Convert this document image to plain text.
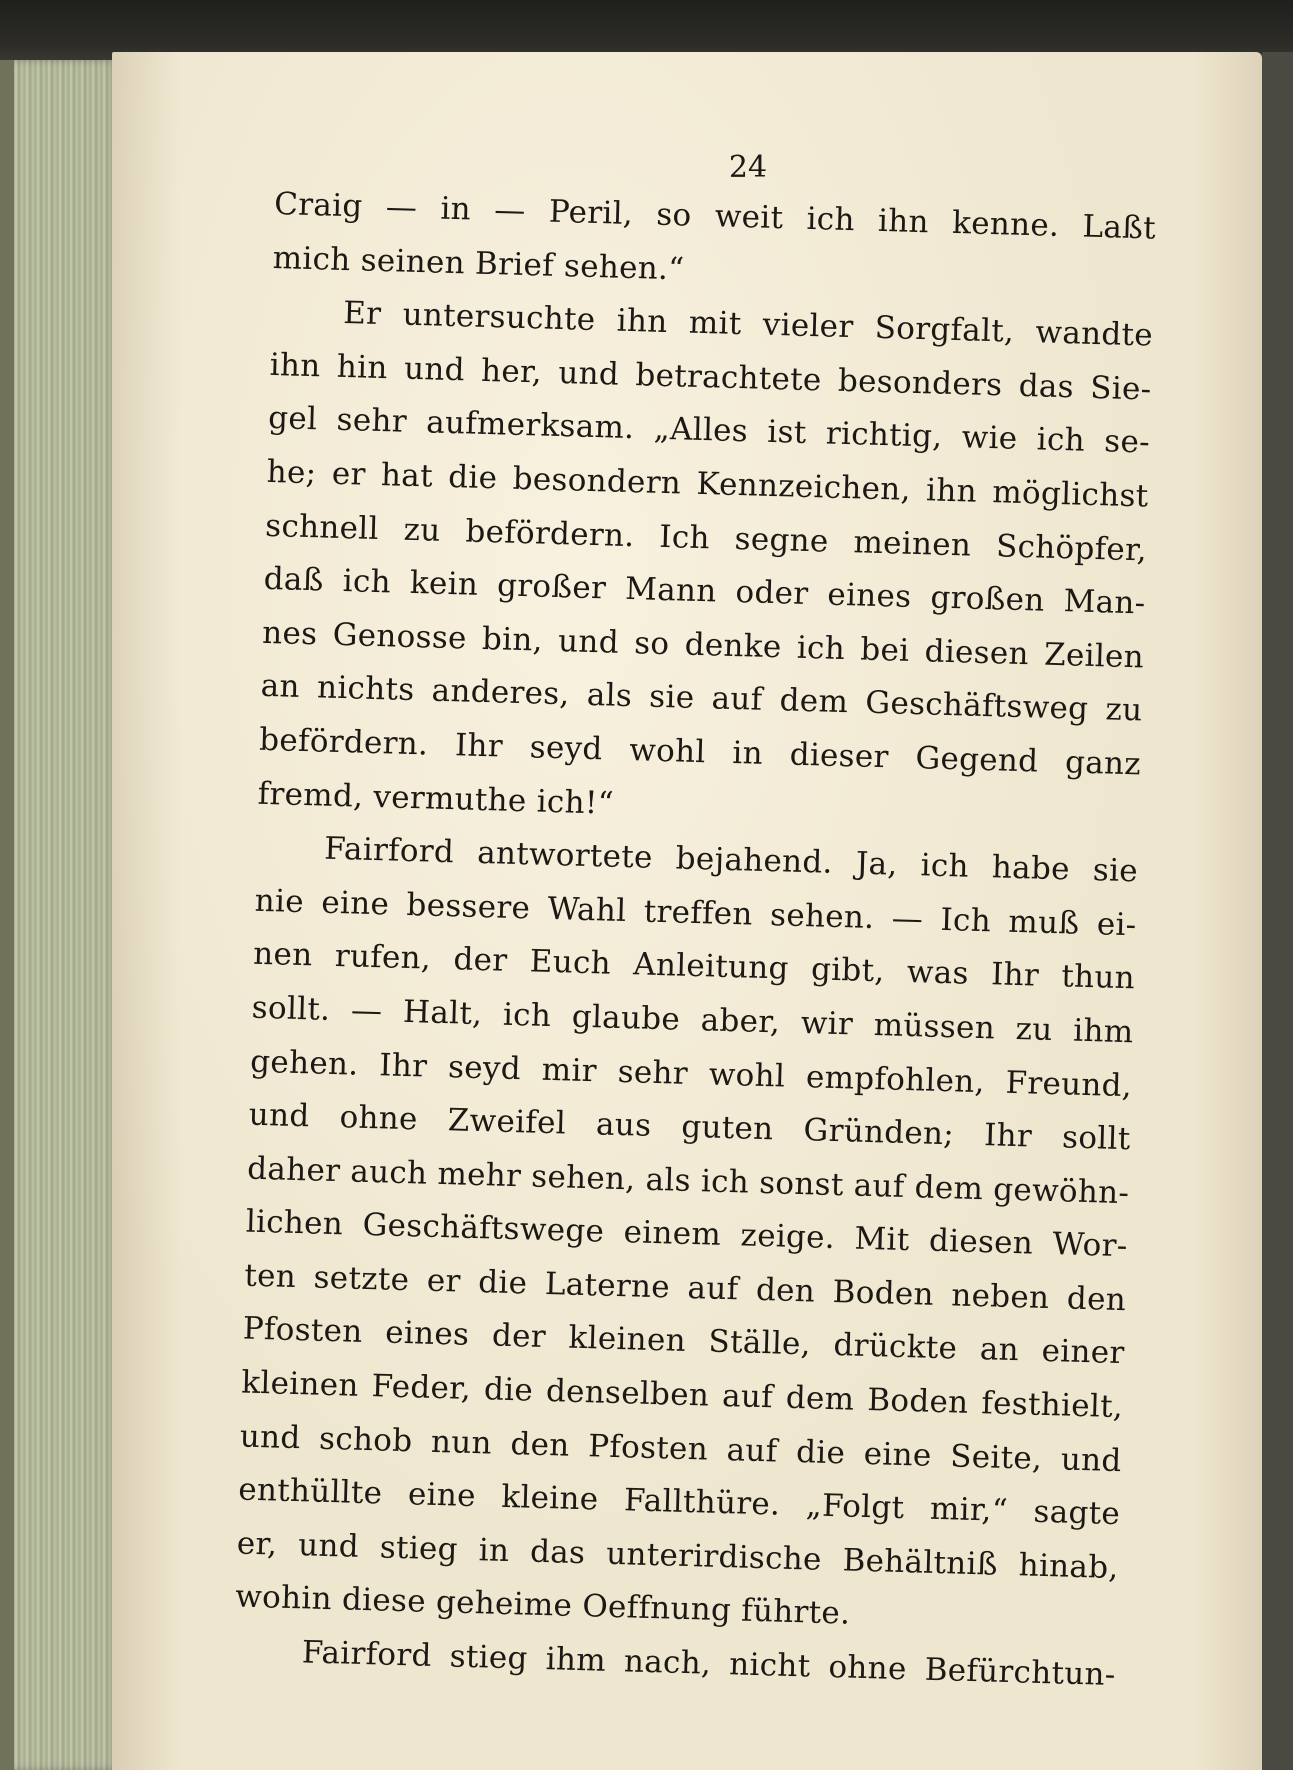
24
Craig — in — Peril, so weit ich ihn kenne. Laßt
mich seinen Brief sehen.“
Er untersuchte ihn mit vieler Sorgfalt, wandte
ihn hin und her, und betrachtete besonders das Sie-
gel sehr aufmerksam. „Alles ist richtig, wie ich se-
he; er hat die besondern Kennzeichen, ihn möglichst
schnell zu befördern. Ich segne meinen Schöpfer,
daß ich kein großer Mann oder eines großen Man-
nes Genosse bin, und so denke ich bei diesen Zeilen
an nichts anderes, als sie auf dem Geschäftsweg zu
befördern. Ihr seyd wohl in dieser Gegend ganz
fremd, vermuthe ich!“
Fairford antwortete bejahend. Ja, ich habe sie
nie eine bessere Wahl treffen sehen. — Ich muß ei-
nen rufen, der Euch Anleitung gibt, was Ihr thun
sollt. — Halt, ich glaube aber, wir müssen zu ihm
gehen. Ihr seyd mir sehr wohl empfohlen, Freund,
und ohne Zweifel aus guten Gründen; Ihr sollt
daher auch mehr sehen, als ich sonst auf dem gewöhn-
lichen Geschäftswege einem zeige. Mit diesen Wor-
ten setzte er die Laterne auf den Boden neben den
Pfosten eines der kleinen Ställe, drückte an einer
kleinen Feder, die denselben auf dem Boden festhielt,
und schob nun den Pfosten auf die eine Seite, und
enthüllte eine kleine Fallthüre. „Folgt mir,“ sagte
er, und stieg in das unterirdische Behältniß hinab,
wohin diese geheime Oeffnung führte.
Fairford stieg ihm nach, nicht ohne Befürchtun-
